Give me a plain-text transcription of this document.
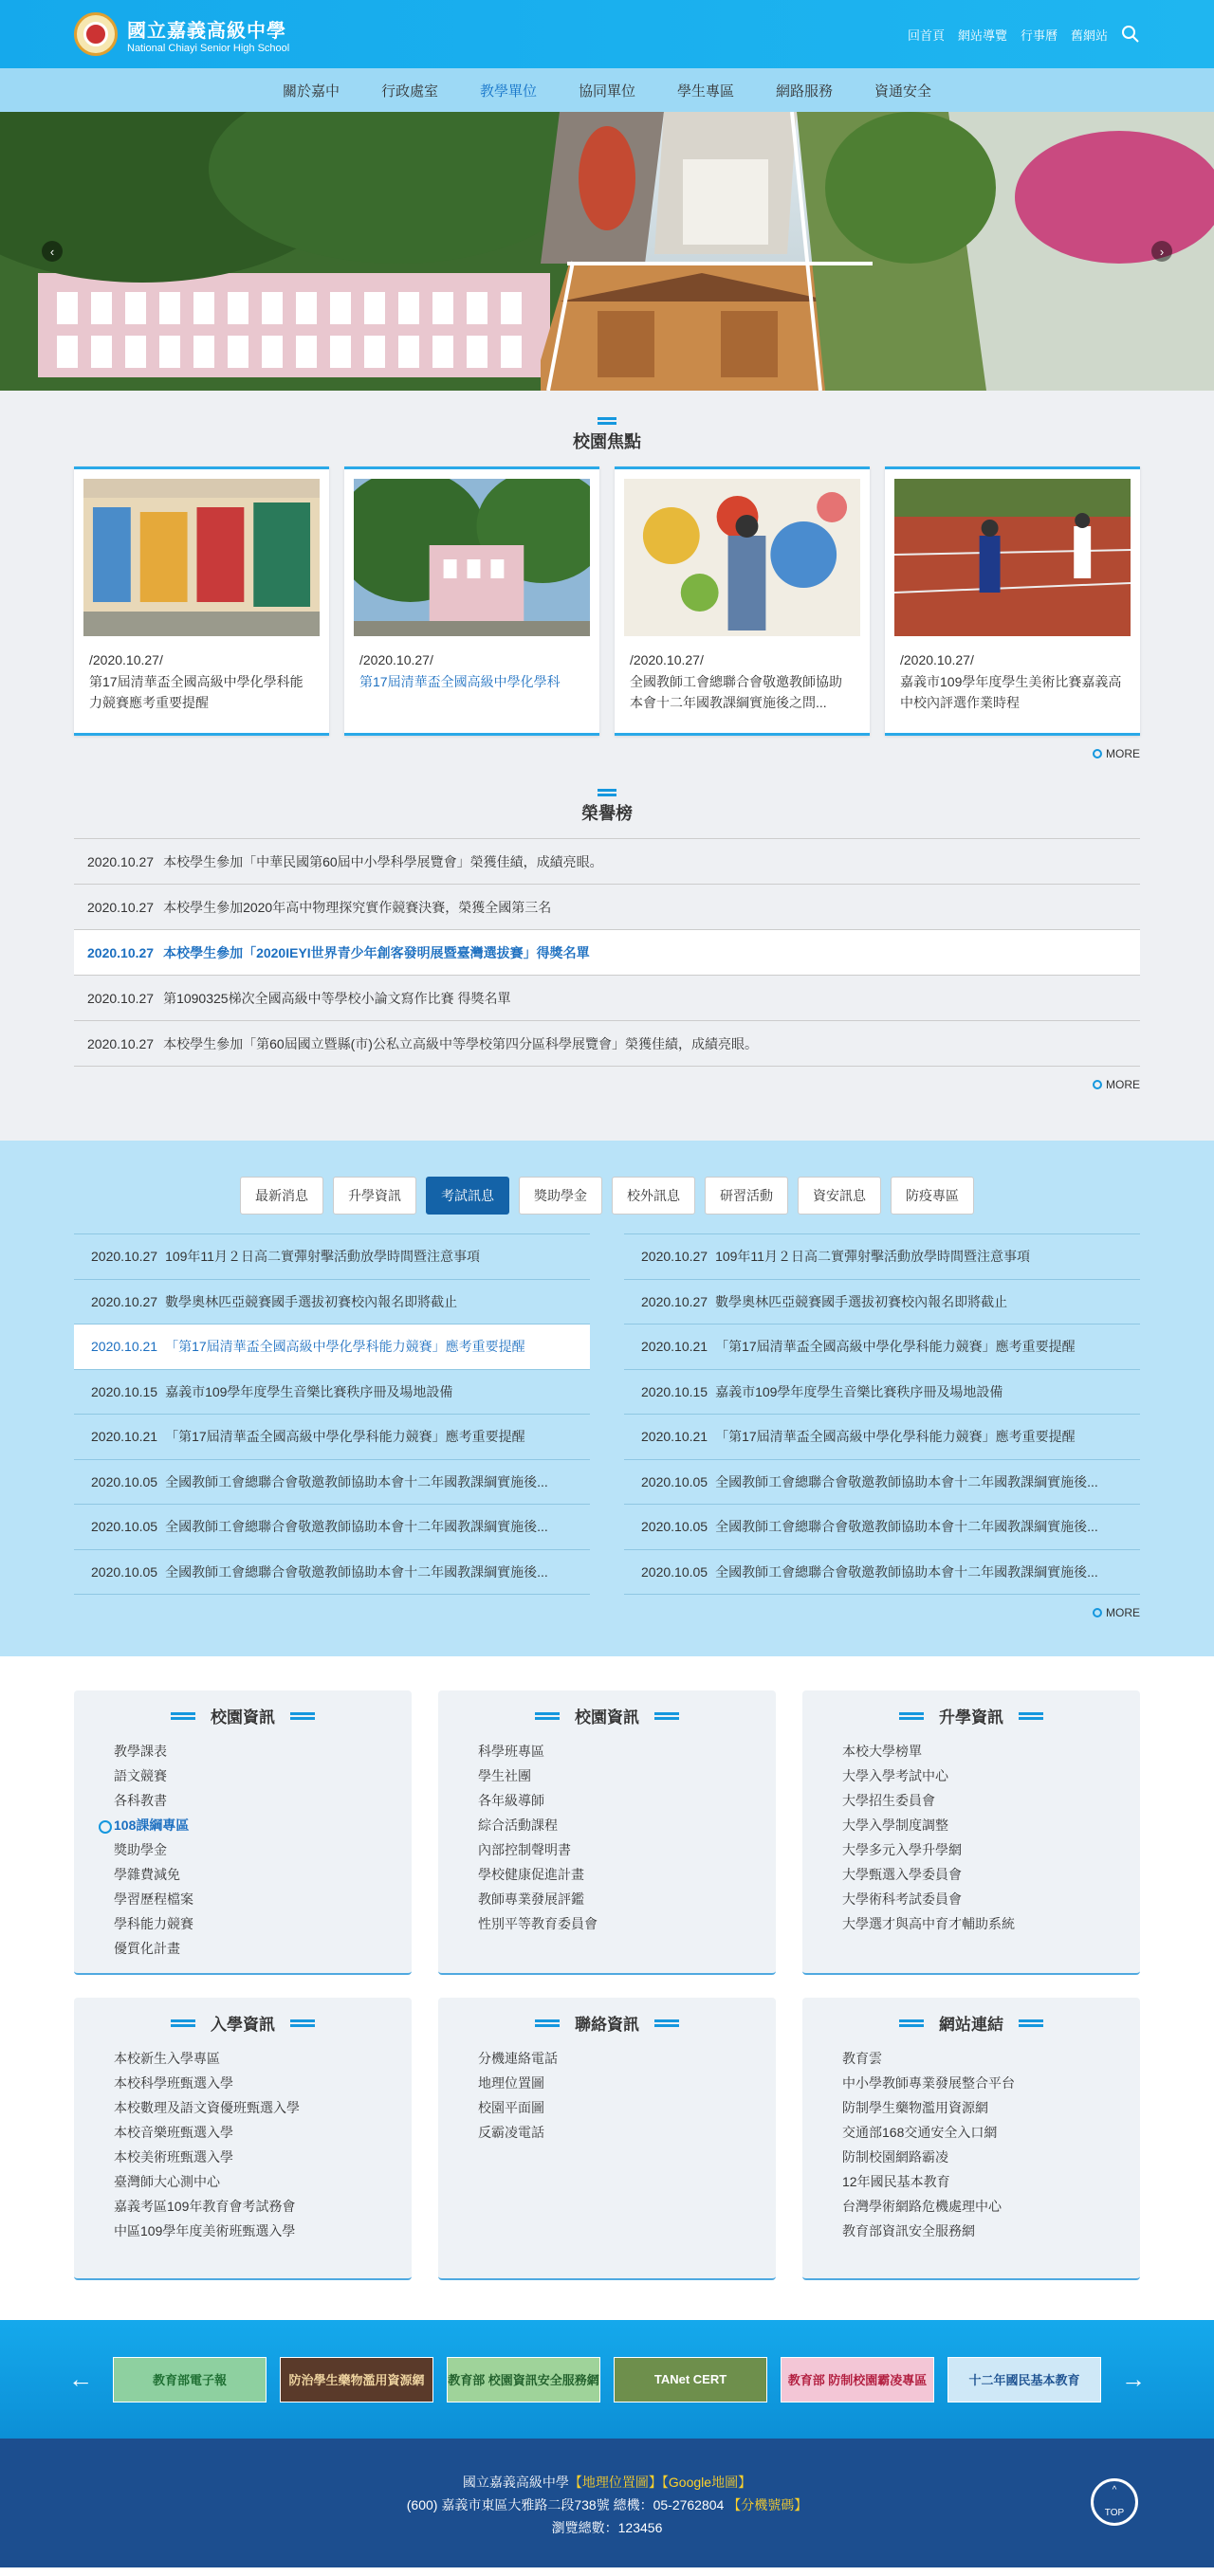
國立嘉義高級中學
National Chiayi Senior High School
回首頁 網站導覽 行事曆 舊網站
關於嘉中	行政處室	教學單位	協同單位	學生專區	網路服務	資通安全
‹	›
校園焦點
/2020.10.27/
第17屆清華盃全國高級中學化學科能力競賽應考重要提醒
/2020.10.27/
第17屆清華盃全國高級中學化學科
/2020.10.27/
全國教師工會總聯合會敬邀教師協助本會十二年國教課綱實施後之問...
/2020.10.27/
嘉義市109學年度學生美術比賽嘉義高中校內評選作業時程
MORE
榮譽榜
2020.10.27 本校學生參加「中華民國第60屆中小學科學展覽會」榮獲佳績，成績亮眼。
2020.10.27 本校學生參加2020年高中物理探究實作競賽決賽，榮獲全國第三名
2020.10.27 本校學生參加「2020IEYI世界青少年創客發明展暨臺灣選拔賽」得獎名單
2020.10.27 第1090325梯次全國高級中等學校小論文寫作比賽 得獎名單
2020.10.27 本校學生參加「第60屆國立暨縣(市)公私立高級中等學校第四分區科學展覽會」榮獲佳績，成績亮眼。
MORE
最新消息	升學資訊	考試訊息	獎助學金	校外訊息	研習活動	資安訊息	防疫專區
2020.10.27 109年11月２日高二實彈射擊活動放學時間暨注意事項
2020.10.27 數學奧林匹亞競賽國手選拔初賽校內報名即將截止
2020.10.21 「第17屆清華盃全國高級中學化學科能力競賽」應考重要提醒
2020.10.15 嘉義市109學年度學生音樂比賽秩序冊及場地設備
2020.10.21 「第17屆清華盃全國高級中學化學科能力競賽」應考重要提醒
2020.10.05 全國教師工會總聯合會敬邀教師協助本會十二年國教課綱實施後...
2020.10.05 全國教師工會總聯合會敬邀教師協助本會十二年國教課綱實施後...
2020.10.05 全國教師工會總聯合會敬邀教師協助本會十二年國教課綱實施後...
2020.10.27 109年11月２日高二實彈射擊活動放學時間暨注意事項
2020.10.27 數學奧林匹亞競賽國手選拔初賽校內報名即將截止
2020.10.21 「第17屆清華盃全國高級中學化學科能力競賽」應考重要提醒
2020.10.15 嘉義市109學年度學生音樂比賽秩序冊及場地設備
2020.10.21 「第17屆清華盃全國高級中學化學科能力競賽」應考重要提醒
2020.10.05 全國教師工會總聯合會敬邀教師協助本會十二年國教課綱實施後...
2020.10.05 全國教師工會總聯合會敬邀教師協助本會十二年國教課綱實施後...
2020.10.05 全國教師工會總聯合會敬邀教師協助本會十二年國教課綱實施後...
MORE
校園資訊
教學課表
語文競賽
各科教書
108課綱專區
獎助學金
學雜費減免
學習歷程檔案
學科能力競賽
優質化計畫
校園資訊
科學班專區
學生社團
各年級導師
綜合活動課程
內部控制聲明書
學校健康促進計畫
教師專業發展評鑑
性別平等教育委員會
升學資訊
本校大學榜單
大學入學考試中心
大學招生委員會
大學入學制度調整
大學多元入學升學網
大學甄選入學委員會
大學術科考試委員會
大學選才與高中育才輔助系統
入學資訊
本校新生入學專區
本校科學班甄選入學
本校數理及語文資優班甄選入學
本校音樂班甄選入學
本校美術班甄選入學
臺灣師大心測中心
嘉義考區109年教育會考試務會
中區109學年度美術班甄選入學
聯絡資訊
分機連絡電話
地理位置圖
校園平面圖
反霸凌電話
網站連結
教育雲
中小學教師專業發展整合平台
防制學生藥物濫用資源網
交通部168交通安全入口網
防制校園網路霸凌
12年國民基本教育
台灣學術網路危機處理中心
教育部資訊安全服務網
←	教育部電子報	防治學生藥物濫用資源網	教育部 校園資訊安全服務網	TANet CERT	教育部 防制校園霸凌專區	十二年國民基本教育	→
國立嘉義高級中學【地理位置圖】【Google地圖】
(600) 嘉義市東區大雅路二段738號 總機：05-2762804 【分機號碼】
瀏覽總數：123456
^
TOP
